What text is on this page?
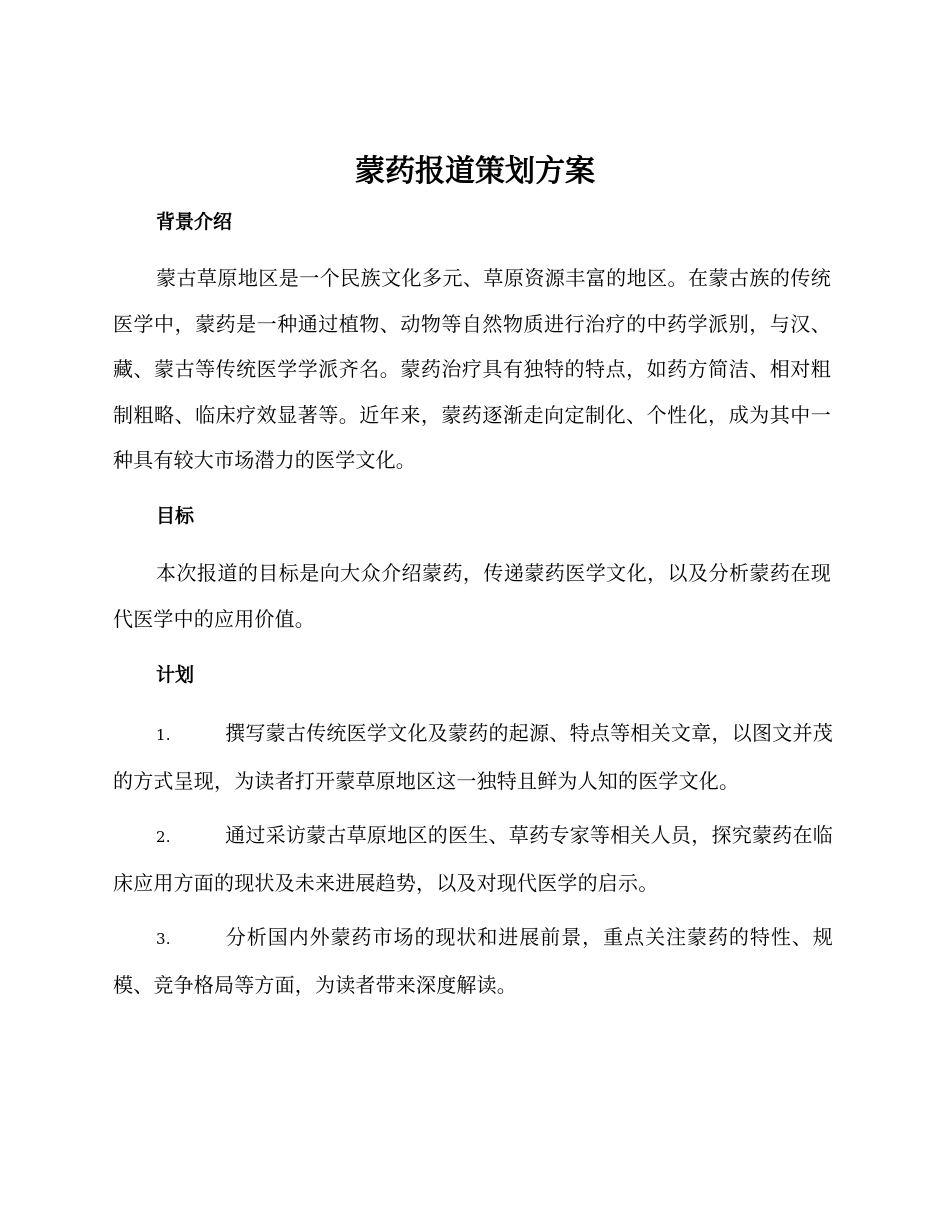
蒙药报道策划方案
背景介绍

蒙古草原地区是一个民族文化多元、草原资源丰富的地区。在蒙古族的传统医学中，蒙药是一种通过植物、动物等自然物质进行治疗的中药学派别，与汉、藏、蒙古等传统医学学派齐名。蒙药治疗具有独特的特点，如药方简洁、相对粗制粗略、临床疗效显著等。近年来，蒙药逐渐走向定制化、个性化，成为其中一种具有较大市场潜力的医学文化。

目标

本次报道的目标是向大众介绍蒙药，传递蒙药医学文化，以及分析蒙药在现代医学中的应用价值。

计划

1.	撰写蒙古传统医学文化及蒙药的起源、特点等相关文章，以图文并茂的方式呈现，为读者打开蒙草原地区这一独特且鲜为人知的医学文化。

2.	通过采访蒙古草原地区的医生、草药专家等相关人员，探究蒙药在临床应用方面的现状及未来进展趋势，以及对现代医学的启示。

3.	分析国内外蒙药市场的现状和进展前景，重点关注蒙药的特性、规模、竞争格局等方面，为读者带来深度解读。
